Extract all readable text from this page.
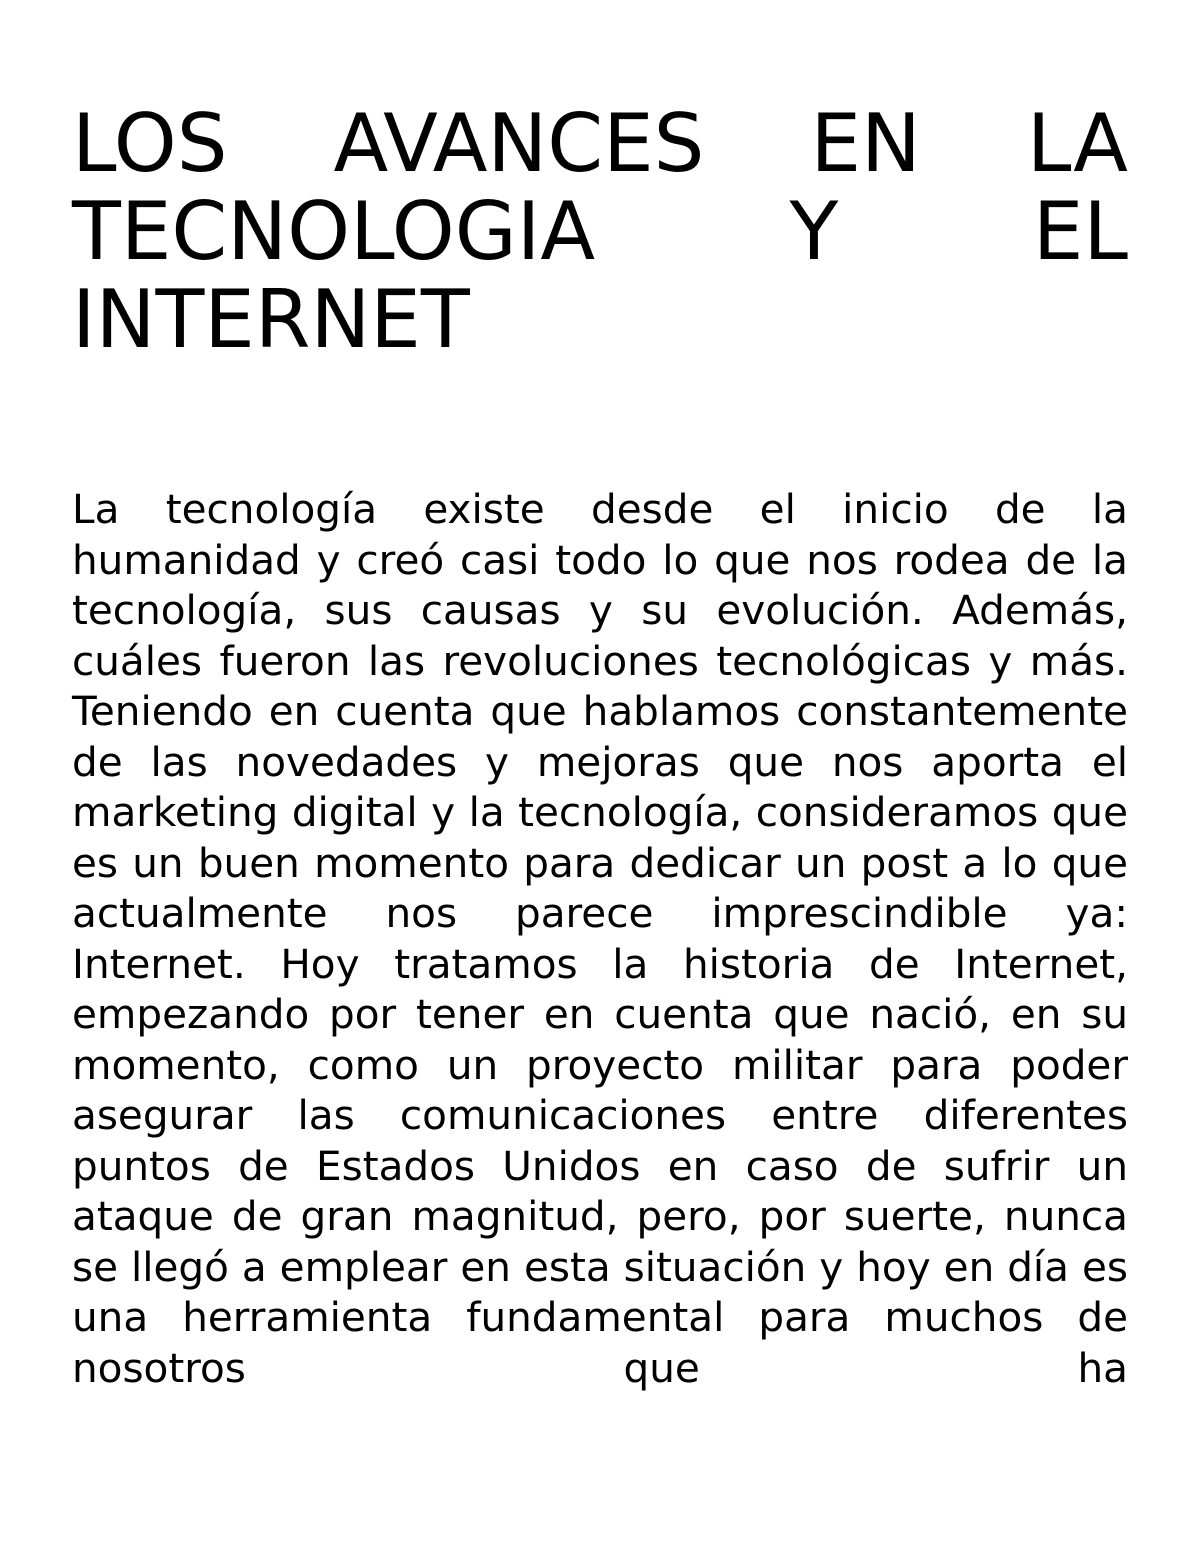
LOS AVANCES EN LA TECNOLOGIA Y EL INTERNET

La tecnología existe desde el inicio de la humanidad y creó casi todo lo que nos rodea de la tecnología, sus causas y su evolución. Además, cuáles fueron las revoluciones tecnológicas y más. Teniendo en cuenta que hablamos constantemente de las novedades y mejoras que nos aporta el marketing digital y la tecnología, consideramos que es un buen momento para dedicar un post a lo que actualmente nos parece imprescindible ya: Internet. Hoy tratamos la historia de Internet, empezando por tener en cuenta que nació, en su momento, como un proyecto militar para poder asegurar las comunicaciones entre diferentes puntos de Estados Unidos en caso de sufrir un ataque de gran magnitud, pero, por suerte, nunca se llegó a emplear en esta situación y hoy en día es una herramienta fundamental para muchos de nosotros que ha
